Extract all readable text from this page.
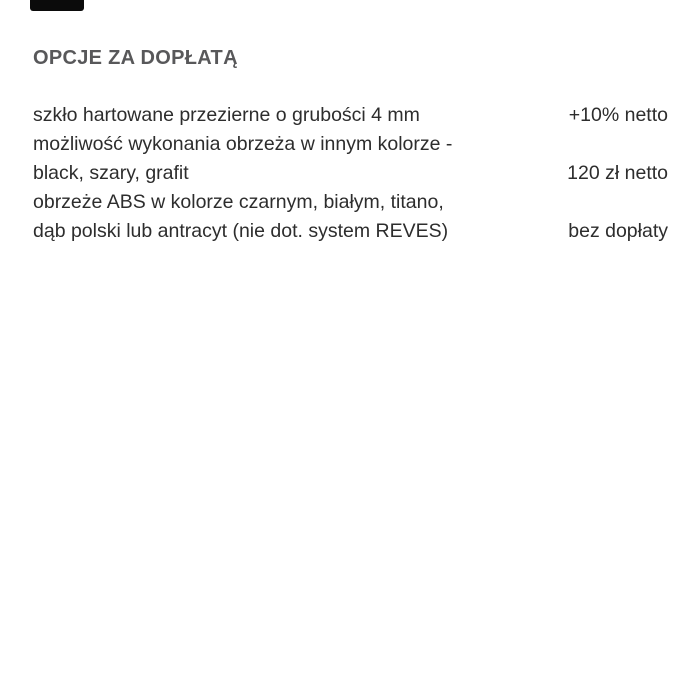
OPCJE ZA DOPŁATĄ
szkło hartowane przezierne o grubości 4 mm	+10% netto
możliwość wykonania obrzeża w innym kolorze -
black, szary, grafit	120 zł netto
obrzeże ABS w kolorze czarnym, białym, titano,
dąb polski lub antracyt (nie dot. system REVES)	bez dopłaty
